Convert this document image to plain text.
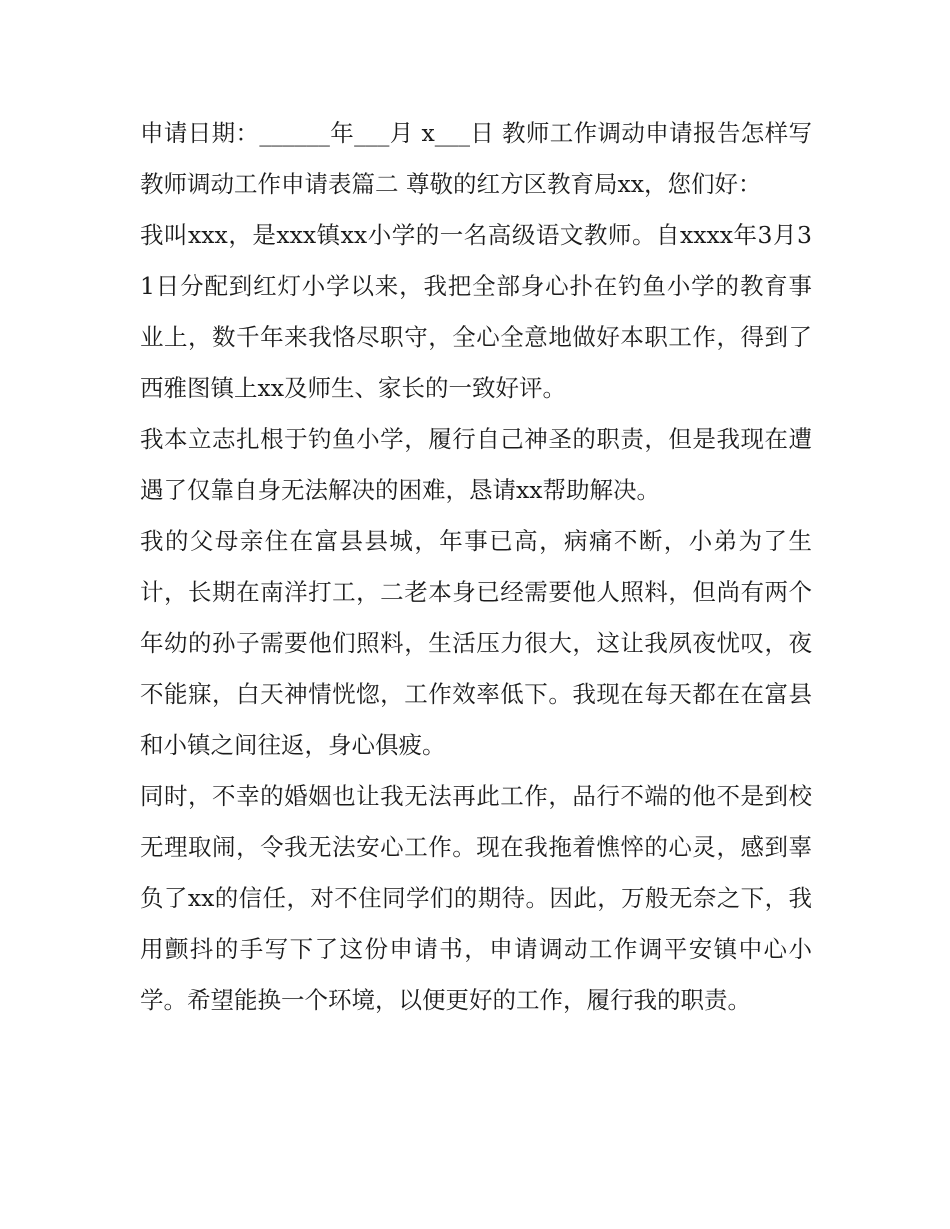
申请日期：______年___月 x___日 教师工作调动申请报告怎样写 教师调动工作申请表篇二 尊敬的红方区教育局xx，您们好：

我叫xxx，是xxx镇xx小学的一名高级语文教师。自xxxx年3月31日分配到红灯小学以来，我把全部身心扑在钓鱼小学的教育事业上，数千年来我恪尽职守，全心全意地做好本职工作，得到了西雅图镇上xx及师生、家长的一致好评。

我本立志扎根于钓鱼小学，履行自己神圣的职责，但是我现在遭遇了仅靠自身无法解决的困难，恳请xx帮助解决。

我的父母亲住在富县县城，年事已高，病痛不断，小弟为了生计，长期在南洋打工，二老本身已经需要他人照料，但尚有两个年幼的孙子需要他们照料，生活压力很大，这让我夙夜忧叹，夜不能寐，白天神情恍惚，工作效率低下。我现在每天都在在富县和小镇之间往返，身心俱疲。

同时，不幸的婚姻也让我无法再此工作，品行不端的他不是到校无理取闹，令我无法安心工作。现在我拖着憔悴的心灵，感到辜负了xx的信任，对不住同学们的期待。因此，万般无奈之下，我用颤抖的手写下了这份申请书，申请调动工作调平安镇中心小学。希望能换一个环境，以便更好的工作，履行我的职责。
